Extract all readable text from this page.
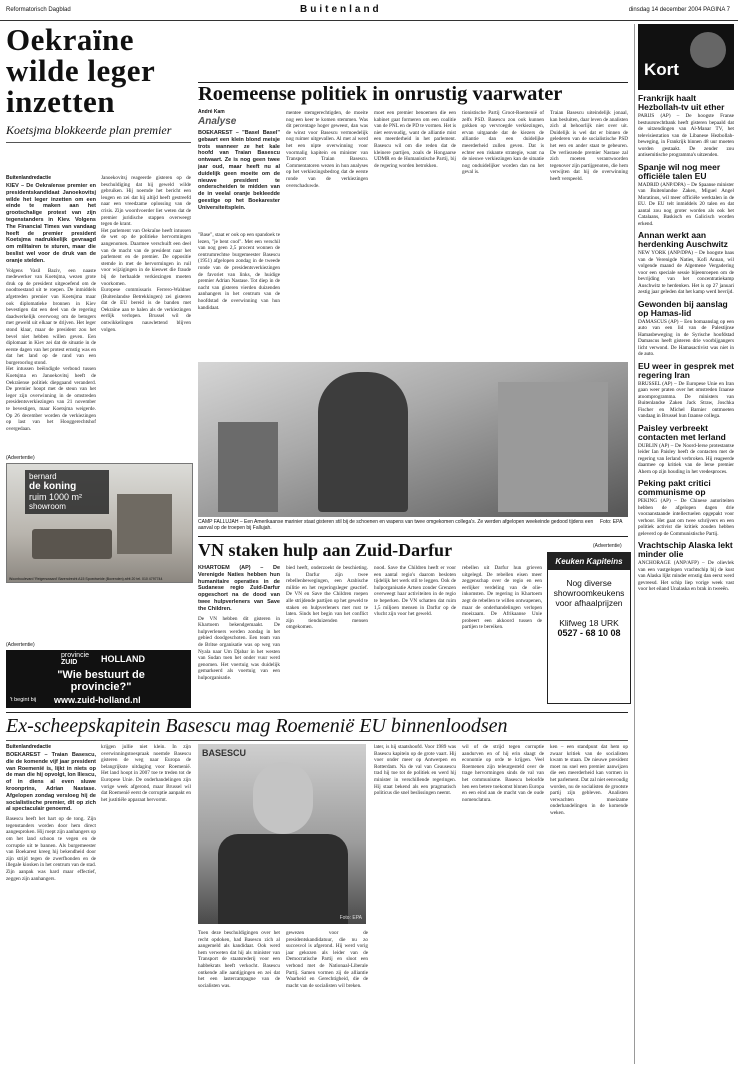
Reformatorisch Dagblad	Buitenland	dinsdag 14 december 2004 PAGINA 7
Oekraïne wilde leger inzetten
Koetsjma blokkeerde plan premier
Buitenlandredactie

KIEV – De Oekraïense premier en presidentskandidaat Janoekovitsj wilde het leger inzetten om een einde te maken aan het grootschalige protest van zijn tegenstanders in Kiev. Volgens The Financial Times van vandaag heeft de premier president Koetsjma nadrukkelijk gevraagd om militairen te sturen, maar die beslist wel voor de druk van de oranje stelden.

Volgens Vasil Baziv, een naaste medewerker van Koetsjma, wezen grote druk op de president uitgeoefend om de noodtoestand uit te roepen. De inmiddels afgetreden premier van Koetsjma maar ook diplomatieke bronnen in Kiev bevestigen dat een deel van de regering daadwerkelijk overwoog om de betogers met geweld uit elkaar te drijven. Het leger stond klaar, maar de president zou het bevel niet hebben willen geven. Een diplomaat in Kiev zei dat de situatie in de eerste dagen van het protest ernstig was en dat het land op de rand van een burgeroorlog stond.

Het intussen beëindigde verbond tussen Koetsjma en Janoekovitsj heeft de Oekraïense politiek diepgaand veranderd. De premier hoopt met de steun van het leger zijn overwinning in de omstreden presidentsverkiezingen van 21 november te bevestigen, maar Koetsjma weigerde. Op 26 december worden de verkiezingen op last van het Hooggerechtshof overgedaan.

Janoekovitsj reageerde gisteren op de beschuldiging dat hij geweld wilde gebruiken. Hij noemde het bericht een leugen en zei dat hij altijd heeft gestreefd naar een vreedzame oplossing van de crisis. Zijn woordvoerder liet weten dat de premier juridische stappen overweegt tegen de krant.

Het parlement van Oekraïne heeft intussen de wet op de politieke hervormingen aangenomen. Daarmee verschuift een deel van de macht van de president naar het parlement en de premier. De oppositie stemde in met de hervormingen in ruil voor wijzigingen in de kieswet die fraude bij de herhaalde verkiezingen moeten voorkomen.

Europese commissaris Ferrero-Waldner (Buitenlandse Betrekkingen) zei gisteren dat de EU bereid is de banden met Oekraïne aan te halen als de verkiezingen eerlijk verlopen. Brussel wil de ontwikkelingen nauwlettend blijven volgen.

(Advertentie)
bernard
de koning
ruim 1000 m²
showroom
Woonboulevard 'Reigerswaard' Barendrecht A15 Spoedweide (Bovenden) afrit 20 tel. 010 4797744
Roemeense politiek in onrustig vaarwater
André Kam
Analyse

BOEKAREST – "Basel Basel" gebaart een klein blond meisje trots wanneer ze het kale hoofd van Traian Basescu ontwaart. Ze is nog geen twee jaar oud, maar heeft nu al duidelijk geen moeite om de nieuwe president te onderscheiden te midden van de in veelal oranje bekleedde geestige op het Boekarester Universiteitsplein.

"Base", staat er ook op een spandoek te lezen, "je bent cool". Met een verschil van nog geen 2,5 procent wonnen de centrumrechtse burgemeester Basescu (1951) afgelopen zondag in de tweede ronde van de presidentsverkiezingen de favoriet van links, de huidige premier Adrian Nastase. Tot diep in de nacht van gisteren vierden duizenden aanhangers in het centrum van de hoofdstad de overwinning van hun kandidaat.

mentee stemgerechtigden, de moeite nog een keer te komen stemmen. Was dit percentage hoger geweest, dan was de winst voor Basescu vermoedelijk nog ruimer uitgevallen. Al met al werd het een nipte overwinning voor voormalig kapitein en minister van Transport Traian Basescu. Commentatoren wezen in hun analyses op het verkiezingsbedrog dat de eerste ronde van de verkiezingen overschaduwde.

moet een premier benoemen die een kabinet gaat formeren om een coalitie van de PNL en de PD te vormen. Het is niet eenvoudig, want de alliantie mist een meerderheid in het parlement. Basescu wil om die reden dat de kleinere partijen, zoals de Hongaarse UDMR en de Humanistische Partij, bij de regering worden betrokken.

tionistische Partij Groot-Roemenië of zelfs PSD. Basescu zou ook kunnen gokken op vervroegde verkiezingen, ervan uitgaande dat de kiezers de alliantie dan een duidelijke meerderheid zullen geven. Dat is echter een riskante strategie, want na de nieuwe verkiezingen kan de situatie nog onduidelijker worden dan nu het geval is.

Traian Basescu uiteindelijk jonaal, kan besluiten, daar leven de analisten zich al behoorlijk niet over uit. Duidelijk is wel dat er binnen de gelederen van de socialistische PSD het een en ander staat te gebeuren. De verliezende premier Nastase zal zich moeten verantwoorden tegenover zijn partijgenoten, die hem verwijten dat hij de overwinning heeft verspeeld.

CAMP FALLUJAH – Een Amerikaanse marinier staat gisteren stil bij de schoenen en wapens van twee omgekomen collega's. Ze werden afgelopen weekeinde gedood tijdens een aanval op de troepen bij Fallujah.
Foto: EPA
VN staken hulp aan Zuid-Darfur	(Advertentie)

KHARTOEM (AP) – De Verenigde Naties hebben hun humanitaire operaties in de Sudanese regio Zuid-Darfur opgeschort na de dood van twee hulpverleners van Save the Children.

De VN hebben dit gisteren in Khartoem bekendgemaakt. De hulpverleners werden zondag in het gebied doodgeschoten. Een team van de Britse organisatie was op weg van Nyala naar Um Djabar in het westen van Sudan toen het onder vuur werd genomen. Het voertuig was duidelijk gemarkeerd als voertuig van een hulporganisatie.

bied heeft, onderzoekt de beschieting. In Darfur zijn twee rebellenbewegingen, een Arabische militie en het regeringsleger geactief. De VN en Save the Children roepen alle strijdende partijen op het geweld te staken en hulpverleners met rust te laten. Sinds het begin van het conflict zijn tienduizenden mensen omgekomen.

nood. Save the Children heeft er voor een aantal regio's daarom besloten tijdelijk het werk stil te leggen. Ook de hulporganisatie Artsen zonder Grenzen overweegt haar activiteiten in de regio te beperken. De VN schatten dat ruim 1,5 miljoen mensen in Darfur op de vlucht zijn voor het geweld.

rebellen uit Darfur hun grieven uitgelegd. De rebellen eisen meer zeggenschap over de regio en een eerlijker verdeling van de olie-inkomsten. De regering in Khartoem zegt de rebellen te willen ontwapenen, maar de onderhandelingen verlopen moeizaam. De Afrikaanse Unie probeert een akkoord tussen de partijen te bereiken.

Keuken Kapiteins
Nog diverse
showroomkeukens
voor afhaalprijzen
Klifweg 18 URK
0527 - 68 10 08
(Advertentie)
provincie
ZUID	HOLLAND
"Wie bestuurt de provincie?"
't begint bij www.zuid-holland.nl
Ex-scheepskapitein Basescu mag Roemenië EU binnenloodsen
Buitenlandredactie

BOEKAREST – Traian Basescu, die de komende vijf jaar president van Roemenië is, lijkt in niets op de man die hij opvolgt, Ion Iliescu, of in diens al even sluwe kroonprins, Adrian Nastase. Afgelopen zondag versloeg hij de socialistische premier, dit op zich al spectaculair genoemd.

Basescu heeft het hart op de tong. Zijn tegenstanders worden door hem direct aangesproken. Hij roept zijn aanhangers op om het land schoon te vegen en de corruptie uit te bannen. Als burgemeester van Boekarest kreeg hij bekendheid door zijn strijd tegen de zwerfhonden en de illegale kiosken in het centrum van de stad. Zijn aanpak was hard maar effectief, zeggen zijn aanhangers.

krijgen jullie niet klein. In zijn overwinningstoespraak noemde Basescu gisteren de weg naar Europa de belangrijkste uitdaging voor Roemenië. Het land hoopt in 2007 toe te treden tot de Europese Unie. De onderhandelingen zijn vorige week afgerond, maar Brussel wil dat Roemenië eerst de corruptie aanpakt en het justitiële apparaat hervormt.

BASESCU
Foto: EPA

Toen deze beschuldigingen over het recht opdoken, had Basescu zich al aangemeld als kandidaat. Ook werd hem verweten dat hij als minister van Transport de staatsrederij voor een habbekrats heeft verkocht. Basescu ontkende alle aantijgingen en zei dat het een lastercampagne van de socialisten was.

gewezen voor de presidentskandidatuur, die nu zo succesvol is afgerond. Hij werd vorig jaar gekozen als leider van de Democratische Partij en sloot een verbond met de Nationaal-Liberale Partij. Samen vormen zij de alliantie Waarheid en Gerechtigheid, die de macht van de socialisten wil breken.

later, is hij staatshoofd. Voor 1989 was Basescu kapitein op de grote vaart. Hij voer onder meer op Antwerpen en Rotterdam. Na de val van Ceausescu trad hij toe tot de politiek en werd hij minister in verschillende regeringen. Hij staat bekend als een pragmatisch politicus die snel beslissingen neemt.

wil of de strijd tegen corruptie aandurven en of hij erin slaagt de economie op orde te krijgen. Veel Roemenen zijn teleurgesteld over de trage hervormingen sinds de val van het communisme. Basescu beloofde hen een betere toekomst binnen Europa en een eind aan de macht van de oude nomenclatura.

ken – een standpunt dat hem op zwaar kritiek van de socialisten kwam te staan. De nieuwe president moet nu snel een premier aanwijzen die een meerderheid kan vormen in het parlement. Dat zal niet eenvoudig worden, nu de socialisten de grootste partij zijn gebleven. Analisten verwachten moeizame onderhandelingen in de komende weken.

Kort
Frankrijk haalt Hezbollah-tv uit ether

PARIJS (AP) – De hoogste Franse bestuursrechtbank heeft gisteren bepaald dat de uitzendingen van Al-Manar TV, het televisiestation van de Libanese Hezbollah-beweging, in Frankrijk binnen 48 uur moeten worden gestaakt. De zender zou antisemitische programma's uitzenden.

Spanje wil nog meer officiële talen EU

MADRID (ANP/DPA) – De Spaanse minister van Buitenlandse Zaken, Miguel Angel Moratinos, wil meer officiële werktalen in de EU. De EU telt inmiddels 20 talen en dat aantal zou nog groter worden als ook het Catalaans, Baskisch en Galicisch worden erkend.

Annan werkt aan herdenking Auschwitz

NEW YORK (ANP/DPA) – De hoogste baas van de Verenigde Naties, Kofi Annan, wil volgende maand de Algemene Vergadering voor een speciale sessie bijeenroepen om de bevrijding van het concentratiekamp Auschwitz te herdenken. Het is op 27 januari zestig jaar geleden dat het kamp werd bevrijd.

Gewonden bij aanslag op Hamas-lid

DAMASCUS (AP) – Een bomaanslag op een auto van een lid van de Palestijnse Hamasbeweging in de Syrische hoofdstad Damascus heeft gisteren drie voorbijgangers licht verwond. De Hamasactivist was niet in de auto.

EU weer in gesprek met regering Iran

BRUSSEL (AP) – De Europese Unie en Iran gaan weer praten over het omstreden Iraanse atoomprogramma. De ministers van Buitenlandse Zaken Jack Straw, Joschka Fischer en Michel Barnier ontmoeten vandaag in Brussel hun Iraanse collega.

Paisley verbreekt contacten met Ierland

DUBLIN (AP) – De Noord-Ierse protestantse leider Ian Paisley heeft de contacten met de regering van Ierland verbroken. Hij reageerde daarmee op kritiek van de Ierse premier Ahern op zijn houding in het vredesproces.

Peking pakt critici communisme op

PEKING (AP) – De Chinese autoriteiten hebben de afgelopen dagen drie vooraanstaande intellectuelen opgepakt voor verhoor. Het gaat om twee schrijvers en een politiek activist die kritiek zouden hebben geleverd op de Communistische Partij.

Vrachtschip Alaska lekt minder olie

ANCHORAGE (ANP/AFP) – De olievlek van een vastgelopen vrachtschip bij de kust van Alaska lijkt minder ernstig dan eerst werd gevreesd. Het schip liep vorige week vast voor het eiland Unalaska en brak in tweeën.
